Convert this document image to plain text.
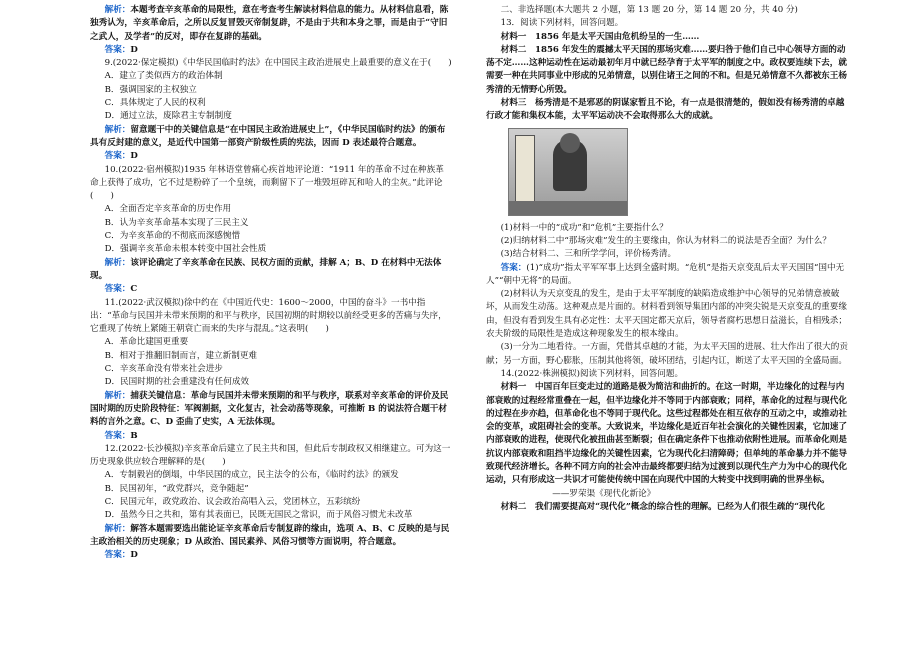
解析：本题考查辛亥革命的局限性，意在考查考生解读材料信息的能力。从材料信息看，陈独秀认为，辛亥革命后，之所以反复冒毁灭帝制复辟，不是由于共和本身之罪，而是由于“守旧之武人，及学者”的反对，即存在复辟的基础。

答案：D

9.(2022·保定模拟)《中华民国临时约法》在中国民主政治进展史上最重要的意义在于(　　)

A．建立了类似西方的政治体制

B．强调国家的主权独立

C．具体规定了人民的权利

D．通过立法，废除君主专制制度

解析：留意题干中的关键信息是“在中国民主政治进展史上”，《中华民国临时约法》的颁布具有反封建的意义，是近代中国第一部资产阶级性质的宪法，因而 D 表述最符合题意。

答案：D

10.(2022·宿州模拟)1935 年林语堂曾痛心疾首地评论道：“1911 年的革命不过在种族革命上获得了成功，它不过是粉碎了一个皇统，而剩留下了一堆毁垣碎瓦和哈人的尘灰。”此评论(　　)

A．全面否定辛亥革命的历史作用

B．认为辛亥革命基本实现了三民主义

C．为辛亥革命的不彻底而深感惋惜

D．强调辛亥革命未根本转变中国社会性质

解析：该评论确定了辛亥革命在民族、民权方面的贡献，排解 A；B、D 在材料中无法体现。

答案：C

11.(2022·武汉模拟)徐中约在《中国近代史：1600～2000，中国的奋斗》一书中指出：“革命与民国并未带来预期的和平与秩序，民国初期的时期较以前经受更多的苦痛与失序，它重现了传统上紧随王朝衰亡而来的失序与混乱。”这表明(　　)

A．革命比建国更重要

B．相对于推翻旧制而言，建立新制更难

C．辛亥革命没有带来社会进步

D．民国时期的社会重建没有任何成效

解析：捕获关键信息：革命与民国并未带来预期的和平与秩序，联系对辛亥革命的评价及民国时期的历史阶段特征：军阀割据，文化复古，社会动荡等现象，可推断 B 的说法符合题干材料的言外之意。C、D 歪曲了史实，A 无法体现。

答案：B

12.(2022·长沙模拟)辛亥革命后建立了民主共和国，但此后专制政权又相继建立。可为这一历史现象供应较合理解释的是(　　)

A．专制毅岩的倒塌，中华民国的成立，民主法令的公布，《临时约法》的颁发

B．民国初年，“政党群兴，竞争随起”

C．民国元年，政党政治、议会政治高唱入云，党团林立，五彩缤纷

D．虽然今日之共和，第有其表面已，民既无国民之常识，而于风俗习惯尤未改革

解析：解答本题需要选出能论证辛亥革命后专制复辟的缘由，选项 A、B、C 反映的是与民主政治相关的历史现象；D 从政治、国民素养、风俗习惯等方面说明，符合题意。

答案：D

二、非选择题(本大题共 2 小题，第 13 题 20 分，第 14 题 20 分，共 40 分)

13．阅读下列材料，回答问题。

材料一　1856 年是太平天国由危机纷呈的一生……

材料二　1856 年发生的震撼太平天国的那场灾难……要归咎于他们自己中心领导方面的动荡不定……这种运动性在运动最初年月中就已经孕育于太平军的制度之中。政权要连续下去，就需要一种在共同事业中形成的兄弟情意，以别住诸王之间的不和。但是兄弟情意不久都被东王杨秀清的无情野心所毁。

材料三　杨秀清是不是邪恶的阴谋家暂且不论，有一点是很清楚的，假如没有杨秀清的卓越行政才能和集权本能，太平军运动决不会取得那么大的成就。

(1)材料一中的“成功”和“危机”主要指什么？

(2)归纳材料二中“那场灾难”发生的主要缘由，你认为材料二的说法是否全面？为什么？

(3)结合材料二、三和所学学问，评价杨秀清。

答案：(1)“成功”指太平军军事上达到全盛时期。“危机”是指天京变乱后太平天国国“国中无人”“朝中无将”的局面。

(2)材料认为天京变乱的发生，是由于太平军制度的缺陷造成维护中心领导的兄弟情意被破坏，从而发生动荡。这种观点是片面的。材料看到领导集团内部的冲突尖锐是天京变乱的重要缘由，但没有看到发生具有必定性：太平天国定都天京后，领导者腐朽思想日益滋长，自相残杀；农夫阶级的局限性是造成这种现象发生的根本缘由。

(3)一分为二地看待。一方面，凭借其卓越的才能，为太平天国的进展、壮大作出了很大的贡献；另一方面，野心膨胀，压制其他将领，破坏团结，引起内讧，断送了太平天国的全盛局面。

14.(2022·株洲模拟)阅读下列材料，回答问题。

材料一　中国百年巨变走过的道路是极为简洁和曲折的。在这一时期，半边缘化的过程与内部衰败的过程经常重叠在一起，但半边缘化并不等同于内部衰败；同样，革命化的过程与现代化的过程在步亦趋，但革命化也不等同于现代化。这些过程都处在相互依存的互动之中，或推动社会的变革，或阻碍社会的变革。大致说来，半边缘化是近百年社会演化的关键性因素，它加速了内部衰败的进程，使现代化被扭曲甚至断裂；但在确定条件下也推动依附性进展。而革命化则是抗议内部衰败和阻挡半边缘化的关键性因素，它为现代化扫清障碍；但单纯的革命暴力并不能导致现代经济增长。各种不同方向的社会冲击最终都要归结为过渡到以现代生产力为中心的现代化运动，只有形成这一共识才可能使传统中国在向现代中国的大转变中找到明确的世界坐标。

——罗荣渠《现代化新论》

材料二　我们需要提高对“现代化”概念的综合性的理解。已经为人们很生疏的“现代化
